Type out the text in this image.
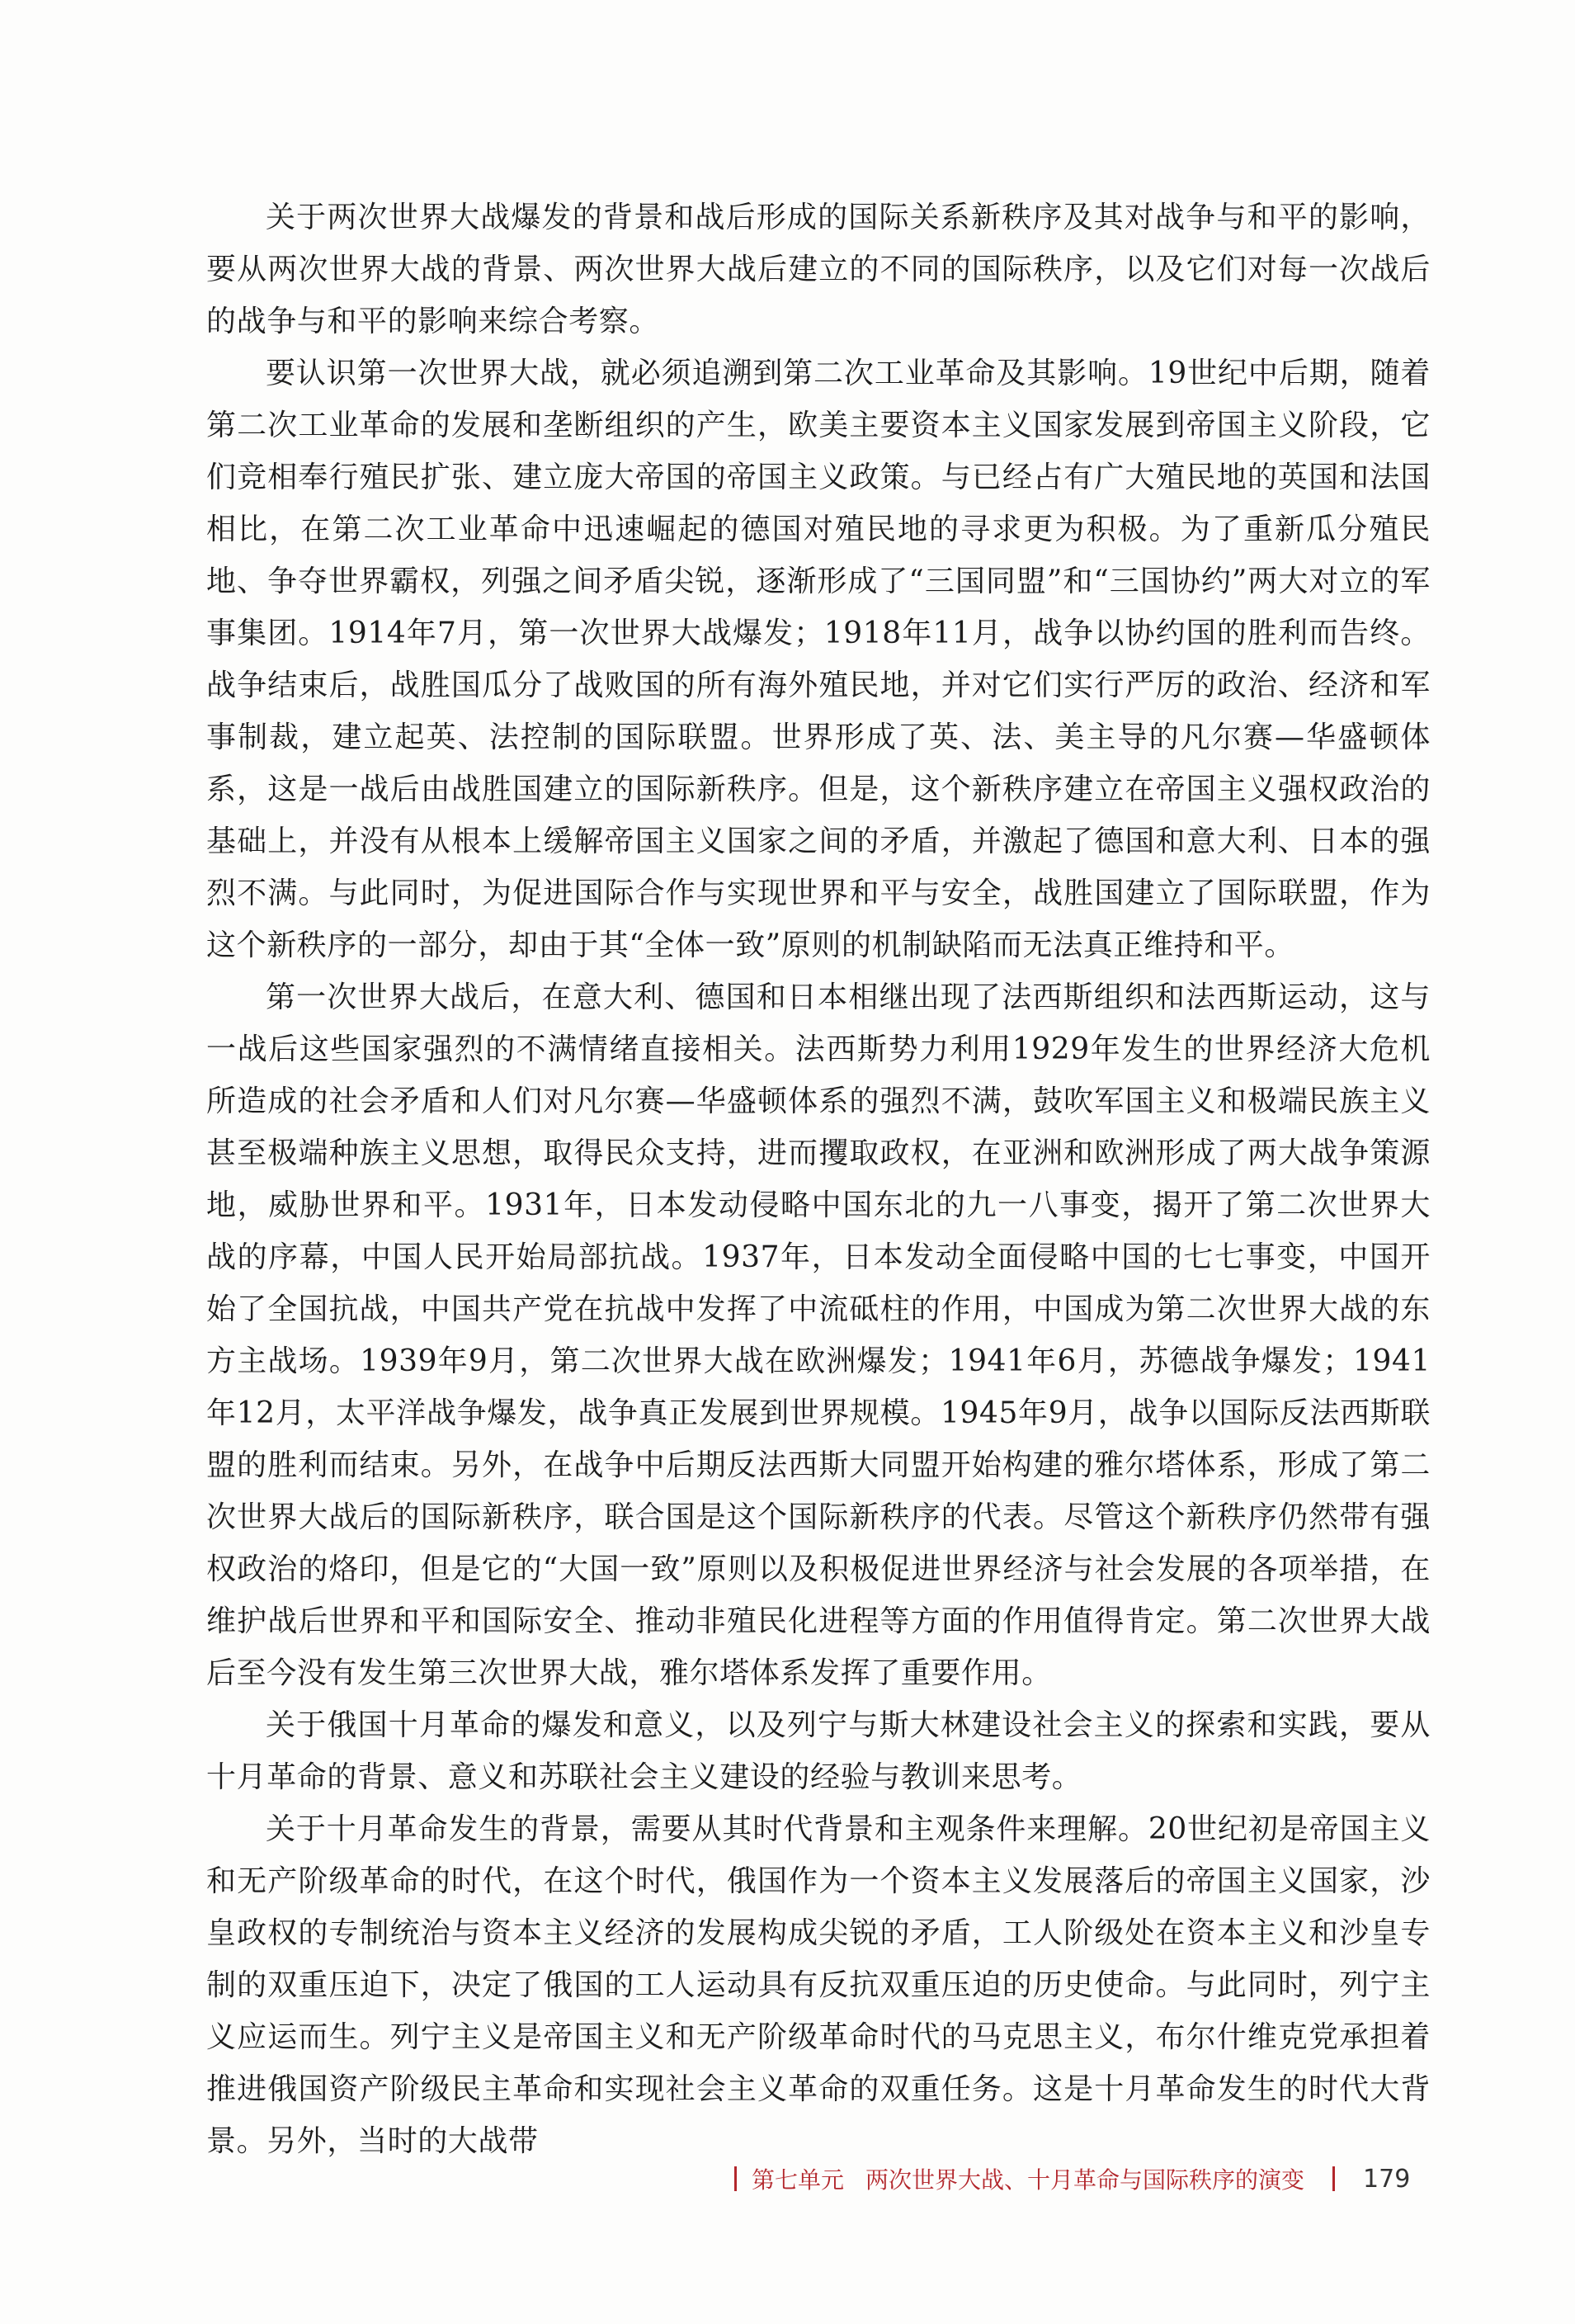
关于两次世界大战爆发的背景和战后形成的国际关系新秩序及其对战争与和平的影响，要从两次世界大战的背景、两次世界大战后建立的不同的国际秩序，以及它们对每一次战后的战争与和平的影响来综合考察。

要认识第一次世界大战，就必须追溯到第二次工业革命及其影响。19世纪中后期，随着第二次工业革命的发展和垄断组织的产生，欧美主要资本主义国家发展到帝国主义阶段，它们竞相奉行殖民扩张、建立庞大帝国的帝国主义政策。与已经占有广大殖民地的英国和法国相比，在第二次工业革命中迅速崛起的德国对殖民地的寻求更为积极。为了重新瓜分殖民地、争夺世界霸权，列强之间矛盾尖锐，逐渐形成了“三国同盟”和“三国协约”两大对立的军事集团。1914年7月，第一次世界大战爆发；1918年11月，战争以协约国的胜利而告终。战争结束后，战胜国瓜分了战败国的所有海外殖民地，并对它们实行严厉的政治、经济和军事制裁，建立起英、法控制的国际联盟。世界形成了英、法、美主导的凡尔赛—华盛顿体系，这是一战后由战胜国建立的国际新秩序。但是，这个新秩序建立在帝国主义强权政治的基础上，并没有从根本上缓解帝国主义国家之间的矛盾，并激起了德国和意大利、日本的强烈不满。与此同时，为促进国际合作与实现世界和平与安全，战胜国建立了国际联盟，作为这个新秩序的一部分，却由于其“全体一致”原则的机制缺陷而无法真正维持和平。

第一次世界大战后，在意大利、德国和日本相继出现了法西斯组织和法西斯运动，这与一战后这些国家强烈的不满情绪直接相关。法西斯势力利用1929年发生的世界经济大危机所造成的社会矛盾和人们对凡尔赛—华盛顿体系的强烈不满，鼓吹军国主义和极端民族主义甚至极端种族主义思想，取得民众支持，进而攫取政权，在亚洲和欧洲形成了两大战争策源地，威胁世界和平。1931年，日本发动侵略中国东北的九一八事变，揭开了第二次世界大战的序幕，中国人民开始局部抗战。1937年，日本发动全面侵略中国的七七事变，中国开始了全国抗战，中国共产党在抗战中发挥了中流砥柱的作用，中国成为第二次世界大战的东方主战场。1939年9月，第二次世界大战在欧洲爆发；1941年6月，苏德战争爆发；1941年12月，太平洋战争爆发，战争真正发展到世界规模。1945年9月，战争以国际反法西斯联盟的胜利而结束。另外，在战争中后期反法西斯大同盟开始构建的雅尔塔体系，形成了第二次世界大战后的国际新秩序，联合国是这个国际新秩序的代表。尽管这个新秩序仍然带有强权政治的烙印，但是它的“大国一致”原则以及积极促进世界经济与社会发展的各项举措，在维护战后世界和平和国际安全、推动非殖民化进程等方面的作用值得肯定。第二次世界大战后至今没有发生第三次世界大战，雅尔塔体系发挥了重要作用。

关于俄国十月革命的爆发和意义，以及列宁与斯大林建设社会主义的探索和实践，要从十月革命的背景、意义和苏联社会主义建设的经验与教训来思考。

关于十月革命发生的背景，需要从其时代背景和主观条件来理解。20世纪初是帝国主义和无产阶级革命的时代，在这个时代，俄国作为一个资本主义发展落后的帝国主义国家，沙皇政权的专制统治与资本主义经济的发展构成尖锐的矛盾，工人阶级处在资本主义和沙皇专制的双重压迫下，决定了俄国的工人运动具有反抗双重压迫的历史使命。与此同时，列宁主义应运而生。列宁主义是帝国主义和无产阶级革命时代的马克思主义，布尔什维克党承担着推进俄国资产阶级民主革命和实现社会主义革命的双重任务。这是十月革命发生的时代大背景。另外，当时的大战带

第七单元 两次世界大战、十月革命与国际秩序的演变 179
